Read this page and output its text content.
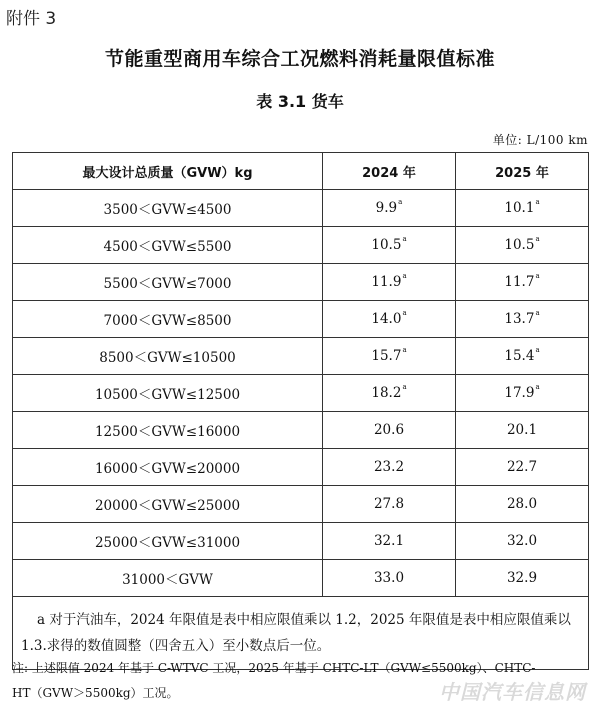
附件 3
节能重型商用车综合工况燃料消耗量限值标准
表 3.1 货车
单位: L/100 km
最大设计总质量（GVW）kg	2024 年	2025 年
3500＜GVW≤4500	9.9$^a$	10.1$^a$
4500＜GVW≤5500	10.5$^a$	10.5$^a$
5500＜GVW≤7000	11.9$^a$	11.7$^a$
7000＜GVW≤8500	14.0$^a$	13.7$^a$
8500＜GVW≤10500	15.7$^a$	15.4$^a$
10500＜GVW≤12500	18.2$^a$	17.9$^a$
12500＜GVW≤16000	20.6	20.1
16000＜GVW≤20000	23.2	22.7
20000＜GVW≤25000	27.8	28.0
25000＜GVW≤31000	32.1	32.0
31000＜GVW	33.0	32.9
a 对于汽油车，2024 年限值是表中相应限值乘以 1.2，2025 年限值是表中相应限值乘以 1.3.求得的数值圆整（四舍五入）至小数点后一位。		
注: 上述限值 2024 年基于 C-WTVC 工况，2025 年基于 CHTC-LT（GVW≤5500kg）、CHTC-HT（GVW＞5500kg）工况。	中国汽车信息网
